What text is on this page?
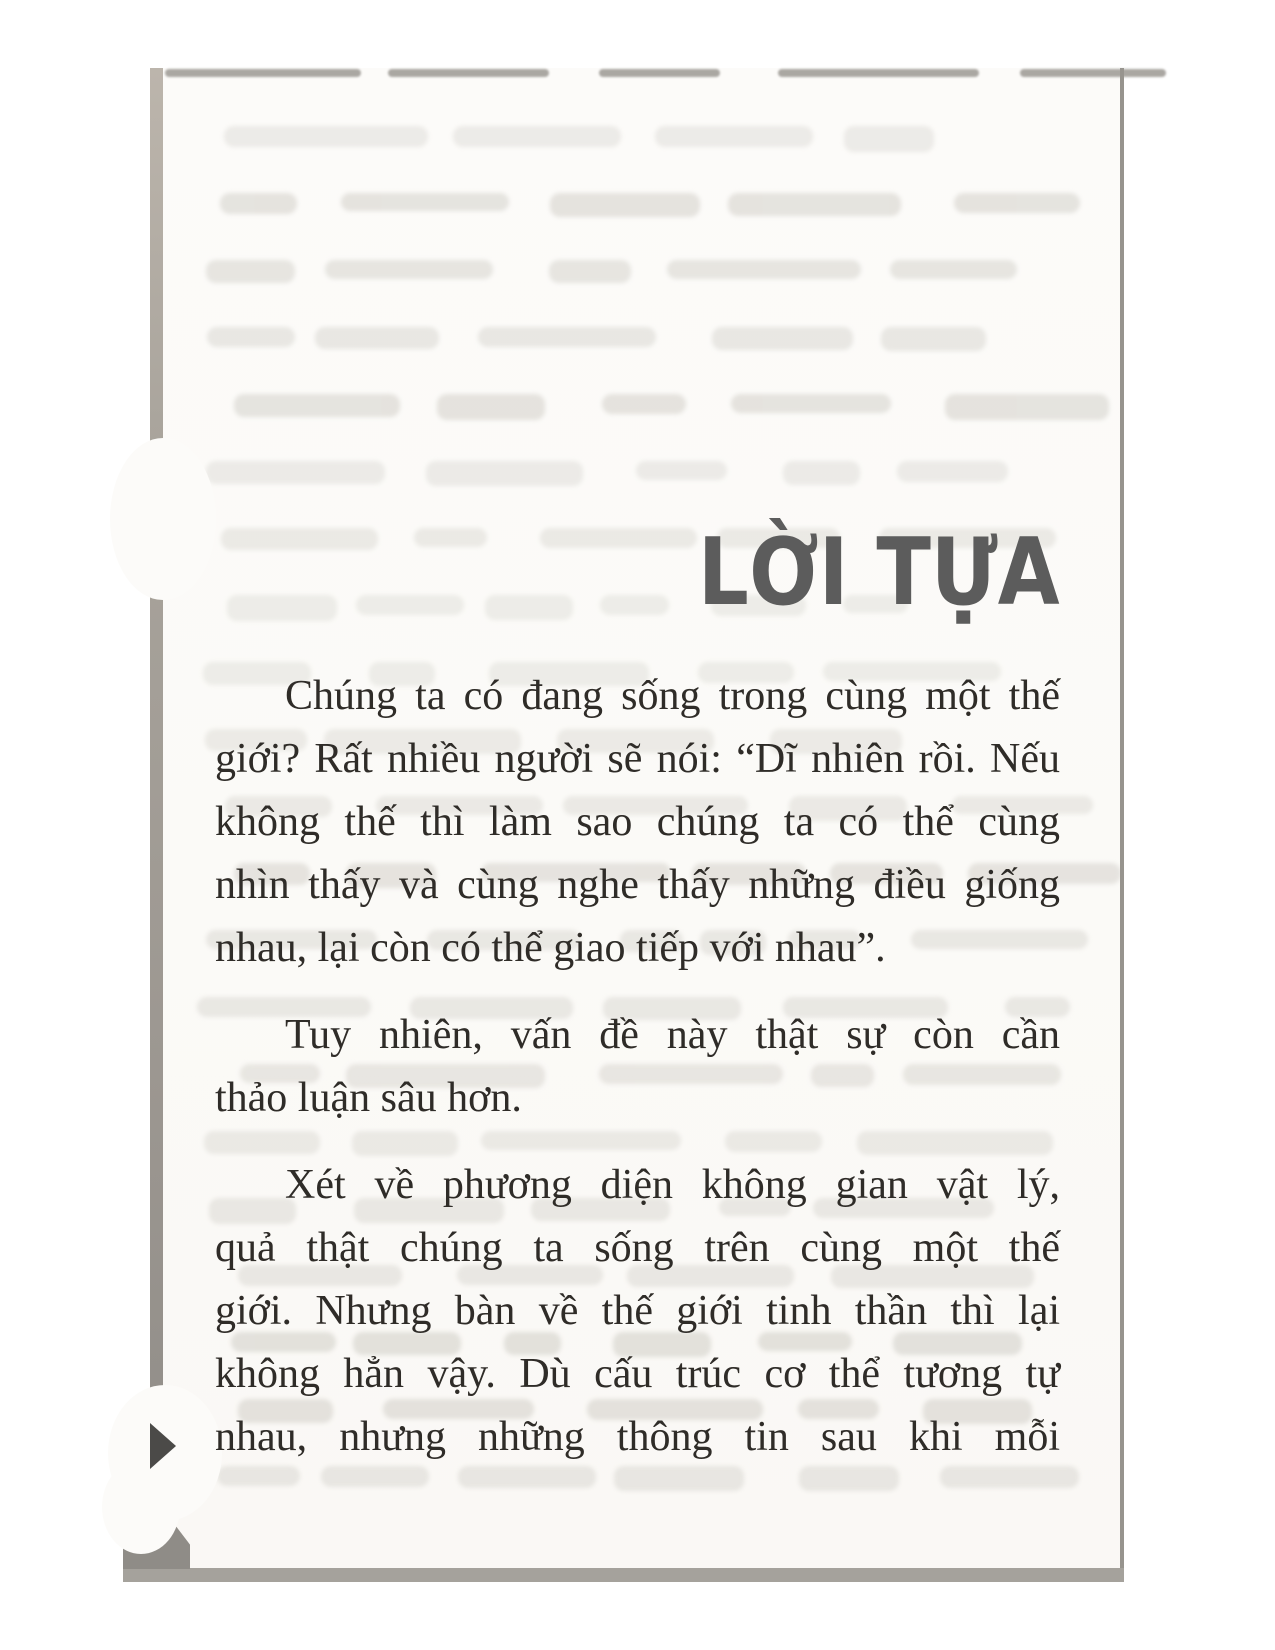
LỜI TỰA
Chúng ta có đang sống trong cùng một thế
giới? Rất nhiều người sẽ nói: “Dĩ nhiên rồi. Nếu
không thế thì làm sao chúng ta có thể cùng
nhìn thấy và cùng nghe thấy những điều giống
nhau, lại còn có thể giao tiếp với nhau”.
Tuy nhiên, vấn đề này thật sự còn cần
thảo luận sâu hơn.
Xét về phương diện không gian vật lý,
quả thật chúng ta sống trên cùng một thế
giới. Nhưng bàn về thế giới tinh thần thì lại
không hẳn vậy. Dù cấu trúc cơ thể tương tự
nhau, nhưng những thông tin sau khi mỗi
